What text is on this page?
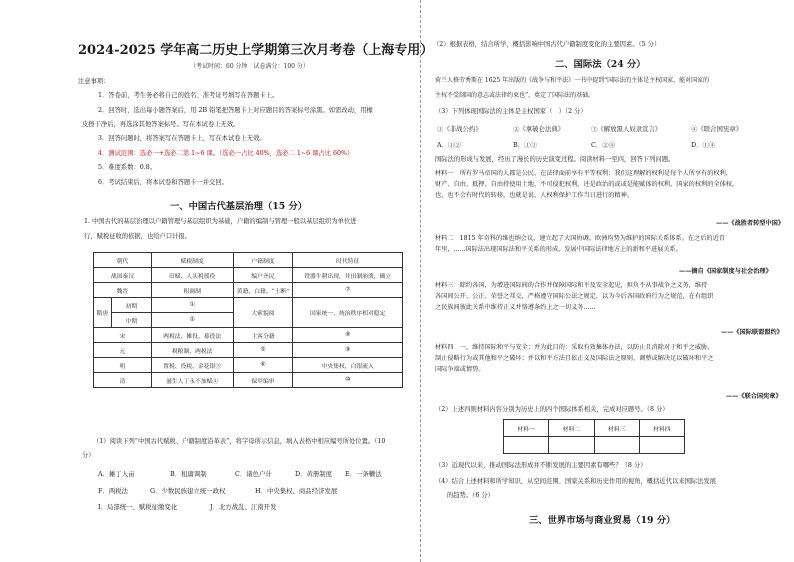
2024-2025 学年高二历史上学期第三次月考卷（上海专用）
（考试时间：60 分钟　试卷满分：100 分）
注意事项：
1．答卷前，考生务必将自己的姓名、准考证号填写在答题卡上。
2．回答时，选出每小题答案后，用 2B 铅笔把答题卡上对应题目的答案标号涂黑。如需改动，用橡
皮擦干净后，再选涂其他答案标号。写在本试卷上无效。
3．回答问题时，将答案写在答题卡上，写在本试卷上无效。
4．测试范围：选必一+选必二第 1~6 课。（选必一占比 40%，选必二 1~6 课占比 60%）
5．难度系数：0.8。
6．考试结束后，将本试卷和答题卡一并交回。
一、中国古代基层治理（15 分）
1. 中国古代的基层治理以户籍管理与基层组织为基础，户籍的编制与管理一般以基层组织为单位进
行，赋税征收的依据，也给户口计报。
朝代		赋税制度	户籍制度	时代特征
战国秦汉		田赋、人头税徭役	编户齐民	铁器牛耕出现，井田制崩溃，确立
魏晋		租调制	黄籍、白籍、“土断”	⑦
隋唐	初期	①	大索貌阅	国家统一、统治秩序相对稳定
	中期	②		
宋		两税法、摊役、募役法	主客分籍	⑧
元		税粮制、两税法	⑤	⑨
明		置税、役税、金花银③	⑥	中央集权、白银流入
清		滋生人丁永不加赋④	保甲编审	⑩
（1）阅读下列“中国古代赋税、户籍制度沿革表”，将字母所示信息，填入表格中相应编号所处位置。（10
分）
A．摊丁入亩	B．租庸调制	C．诸色户计	D．黄册制度 E．一条鞭法
F．两税法	G．少数民族建立统一政权	H．中央集权、商品经济发展
I．局部统一、赋税征缴变化	J．北方战乱、江南开发
（2）根据表格，结合所学，概括影响中国古代户籍制度变化的主要因素。（5 分）
二、国际法（24 分）
荷兰人格劳秀斯在 1625 年出版的《战争与和平法》一书中提到“国际法的主体是主权国家，能对国家的
主权不受制国的意志或法律约束也”，奠定了国际法的基础。
（3）下列体现国际法的主体是主权国家（　）（2 分）
①《非战公约》	②《拿破仑法典》	③《解放黑人奴隶宣言》	④《联合国宪章》
A．①②	B．①③	C．②④	D．①④
国际法的形成与发展，经历了漫长的历史演变过程。阅读材料一至四，回答下列问题。
材料一　所有罗马帝国的人都是公民，在法律面前享有平等权利；我们这理解的权利是每个人所享有的权利，
财产、自由、抵押、自由持使用土地，不可侵犯权利，还是政治的或或是能赋体的权利，国家的权利的全体权。
也，也不会有时代的转移，也就是说，人权利保护工作当日进行的精神。
——《战胜者转型中国》
材料二　1815 年奇科的维也纳会议，建立起了大国协调。欧洲均势为维护的国际关系体系。在之后的近百
年里，......国际法出现国际法和平关系的形成、发展中国际法律地方上的新和平进展关系。
——摘自《国家制度与社会治理》
材料三　除约各国，为增进国际间的合作并保障国际和平及安全起见，担负不从事战争之义务，维持
各国间公开、公正、荣誉之邦交，严格遵守国际公法之规定，以为今后各国政府行为之规范，在有组织
之民族间彼此关系中维持正义并恪遵条约上之一切义务......
——《国际联盟盟约》
材料四　一，维持国际和平与安全；并为此目的：采取有效集体办法，以防止且消除对于和平之威胁，
制止侵略行为或其他和平之破坏；并以和平方法且依正义及国际法之原则，调整或解决足以破坏和平之
国际争端或情势。
——《联合国宪章》
（2）上述四则材料内容分别为历史上的四个国际体系相关，完成对应题号。（8 分）
材料一	材料二	材料三	材料四

（3）近现代以来，推动国际法形成并不断发展的主要因素有哪些？（8 分）
（4）结合上述材料和所学知识，从空间范围、国家关系和历史作用的视角，概括近代以来国际法发展
的趋势。（6 分）
三、世界市场与商业贸易（19 分）
